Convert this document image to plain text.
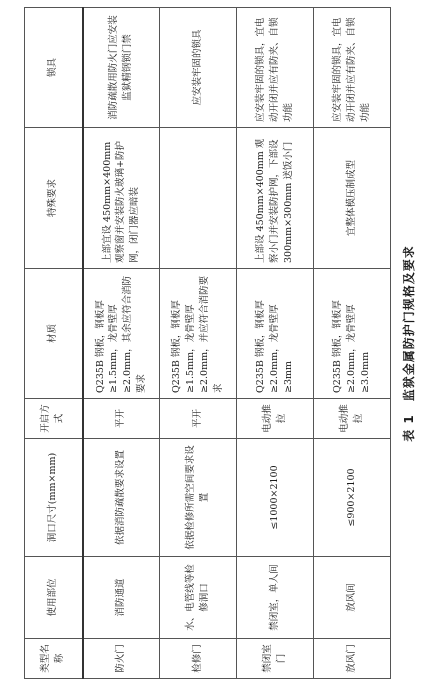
表 1　监狱金属防护门规格及要求
类型名称	使用部位	洞口尺寸(mm×mm)	开启方式	材质	特殊要求	锁具
防火门	消防通道	依据消防疏散要求设置	平开	Q235B 钢板，钢板厚≥1.5mm，龙骨壁厚≥2.0mm，其余应符合消防要求	上部宜设 450mm×400mm 观察窗并安装防火玻璃+防护网，闭门器应暗装	消防疏散用防火门应安装监狱精钢锁门禁
检修门	水、电管线等检修洞口	依据检修所需空间要求设置	平开	Q235B 钢板，钢板厚≥1.5mm，龙骨壁厚≥2.0mm，并应符合消防要求		应安装牢固的锁具
禁闭室门	禁闭室，单人间	≤1000×2100	电动推拉	Q235B 钢板，钢板厚≥2.0mm，龙骨壁厚≥3mm	上部设 450mm×400mm 观察小门并安装防护网，下部设 300mm×300mm 送饭小门	应安装牢固的锁具，宜电动开闭并应有防夹、自锁功能
放风门	放风间	≤900×2100	电动推拉	Q235B 钢板，钢板厚≥2.0mm，龙骨壁厚≥3.0mm	宜整体模压制成型	应安装牢固的锁具，宜电动开闭并应有防夹、自锁功能
